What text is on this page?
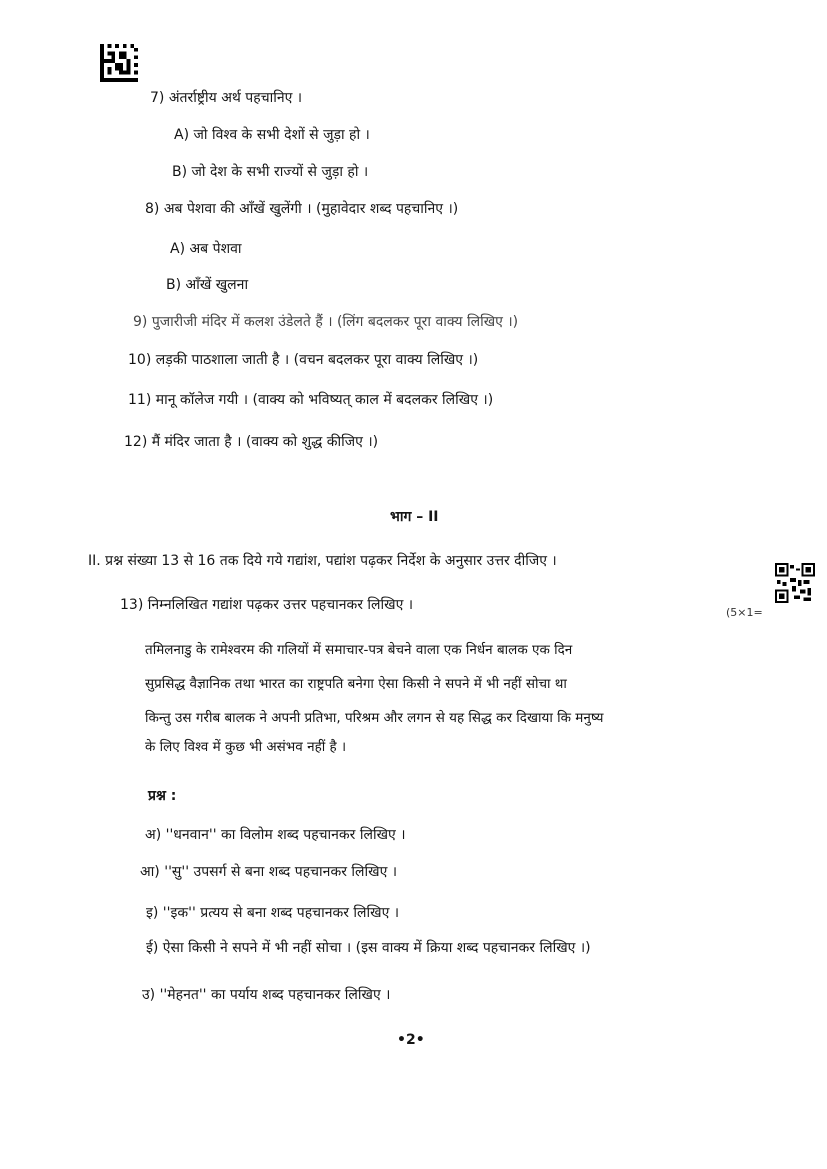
7) अंतर्राष्ट्रीय अर्थ पहचानिए ।
A) जो विश्व के सभी देशों से जुड़ा हो ।
B) जो देश के सभी राज्यों से जुड़ा हो ।
8) अब पेशवा की आँखें खुलेंगी । (मुहावेदार शब्द पहचानिए ।)
A) अब पेशवा
B) आँखें खुलना
9) पुजारीजी मंदिर में कलश उंडेलते हैं । (लिंग बदलकर पूरा वाक्य लिखिए ।)
10) लड़की पाठशाला जाती है । (वचन बदलकर पूरा वाक्य लिखिए ।)
11) मानू कॉलेज गयी । (वाक्य को भविष्यत् काल में बदलकर लिखिए ।)
12) मैं मंदिर जाता है । (वाक्य को शुद्ध कीजिए ।)
भाग – II
II. प्रश्न संख्या 13 से 16 तक दिये गये गद्यांश, पद्यांश पढ़कर निर्देश के अनुसार उत्तर दीजिए ।
13) निम्नलिखित गद्यांश पढ़कर उत्तर पहचानकर लिखिए ।	(5×1=
तमिलनाडु के रामेश्वरम की गलियों में समाचार-पत्र बेचने वाला एक निर्धन बालक एक दिन
सुप्रसिद्ध वैज्ञानिक तथा भारत का राष्ट्रपति बनेगा ऐसा किसी ने सपने में भी नहीं सोचा था
किन्तु उस गरीब बालक ने अपनी प्रतिभा, परिश्रम और लगन से यह सिद्ध कर दिखाया कि मनुष्य
के लिए विश्व में कुछ भी असंभव नहीं है ।
प्रश्न :
अ) ''धनवान'' का विलोम शब्द पहचानकर लिखिए ।
आ) ''सु'' उपसर्ग से बना शब्द पहचानकर लिखिए ।
इ) ''इक'' प्रत्यय से बना शब्द पहचानकर लिखिए ।
ई) ऐसा किसी ने सपने में भी नहीं सोचा । (इस वाक्य में क्रिया शब्द पहचानकर लिखिए ।)
उ) ''मेहनत'' का पर्याय शब्द पहचानकर लिखिए ।
•2•
